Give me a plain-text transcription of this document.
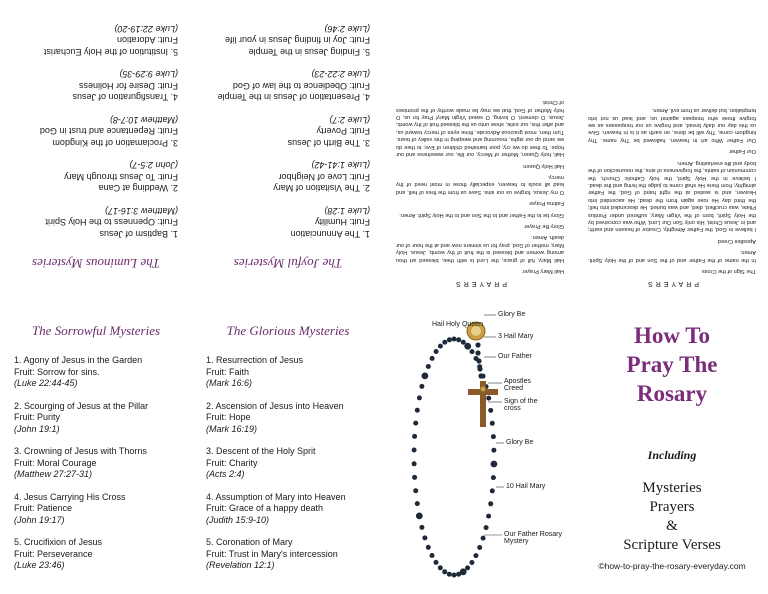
The Luminous Mysteries
1. Baptism of Jesus
Fruit: Openness to the Holy Spirit
(Matthew 3:16-17)
2. Wedding at Cana
Fruit: To Jesus through Mary
(John 2:5-7)
3. Proclamation of the Kingdom
Fruit: Repentance and trust in God
(Matthew 10:7-8)
4. Transfiguration of Jesus
Fruit: Desire for Holiness
(Luke 9:29-35)
5. Institution of the Holy Eucharist
Fruit: Adoration
(Luke 22:19-20)
The Joyful Mysteries
1. The Annunciation
Fruit: Humility
(Luke 1:28)
2. The Visitation of Mary
Fruit: Love of Neighbor
(Luke 1:41-42)
3. The Birth of Jesus
Fruit: Poverty
(Luke 2:7)
4. Presentation of Jesus in the Temple
Fruit: Obedience to the law of God
(Luke 2:22-23)
5. Finding Jesus in the Temple
Fruit: Joy in finding Jesus in your life
(Luke 2:46)
PRAYERS

Hail Mary Prayer

Hail Mary, full of grace, the Lord is with thee, blessed art thou among women and blessed is the fruit of thy womb, Jesus. Holy Mary, mother of God, pray for us sinners now and at the hour of our death. Amen.

Glory Be Prayer

Glory be to the Father and to the Son and to the Holy Spirit. Amen.

Fatima Prayer

O my Jesus, forgive us our sins. Save us from the fires of hell, and lead all souls to heaven, especially those in most need of thy mercy.

Hail Holy Queen

Hail, holy Queen, Mother of Mercy, our life, our sweetness and our hope. To thee do we cry, poor banished children of Eve; to thee do we send up our sighs, mourning and weeping in this valley of tears. Turn then, most gracious Advocate, thine eyes of mercy toward us, and after this, our exile, show unto us the blessed fruit of thy womb, Jesus. O clement, O loving, O sweet Virgin Mary! Pray for us, O holy Mother of God, that we may be made worthy of the promises of Christ.

PRAYERS

The Sign of the Cross

In the name of the Father and of the Son and of the Holy Spirit. Amen.

Apostles Creed

I believe in God, the Father Almighty, Creator of heaven and earth; and in Jesus Christ, His only Son Our Lord, Who was conceived by the Holy Spirit, born of the Virgin Mary, suffered under Pontius Pilate, was crucified, died, and was buried. He descended into hell; the third day He rose again from the dead; He ascended into Heaven, and is seated at the right hand of God, the Father almighty; from there He shall come to judge the living and the dead. I believe in the Holy Spirit, the holy Catholic Church, the communion of saints, the forgiveness of sins, the resurrection of the body and life everlasting. Amen.

Our Father

Our Father Who art in heaven, hallowed be Thy name. Thy kingdom come, Thy will be done, on earth as it is in heaven. Give us this day our daily bread, and forgive us our trespasses as we forgive those who trespass against us; and lead us not into temptation, but deliver us from evil. Amen.

The Sorrowful Mysteries
1. Agony of Jesus in the Garden
Fruit: Sorrow for sins.
(Luke 22:44-45)
2. Scourging of Jesus at the Pillar
Fruit: Purity
(John 19:1)
3. Crowning of Jesus with Thorns
Fruit: Moral Courage
(Matthew 27:27-31)
4. Jesus Carrying His Cross
Fruit: Patience
(John 19:17)
5. Crucifixion of Jesus
Fruit: Perseverance
(Luke 23:46)
The Glorious Mysteries
1. Resurrection of Jesus
Fruit: Faith
(Mark 16:6)
2. Ascension of Jesus into Heaven
Fruit: Hope
(Mark 16:19)
3. Descent of the Holy Sprit
Fruit: Charity
(Acts 2:4)
4. Assumption of Mary into Heaven
Fruit: Grace of a happy death
(Judith 15:9-10)
5. Coronation of Mary
Fruit: Trust in Mary's intercession
(Revelation 12:1)
Hail Holy Queen
Glory Be
3 Hail Mary
Our Father
Apostles Creed
Sign of the cross
Glory Be
10 Hail Mary
Our Father Rosary Mystery
How To
Pray The
Rosary
Including
Mysteries
Prayers
&
Scripture Verses
©how-to-pray-the-rosary-everyday.com
